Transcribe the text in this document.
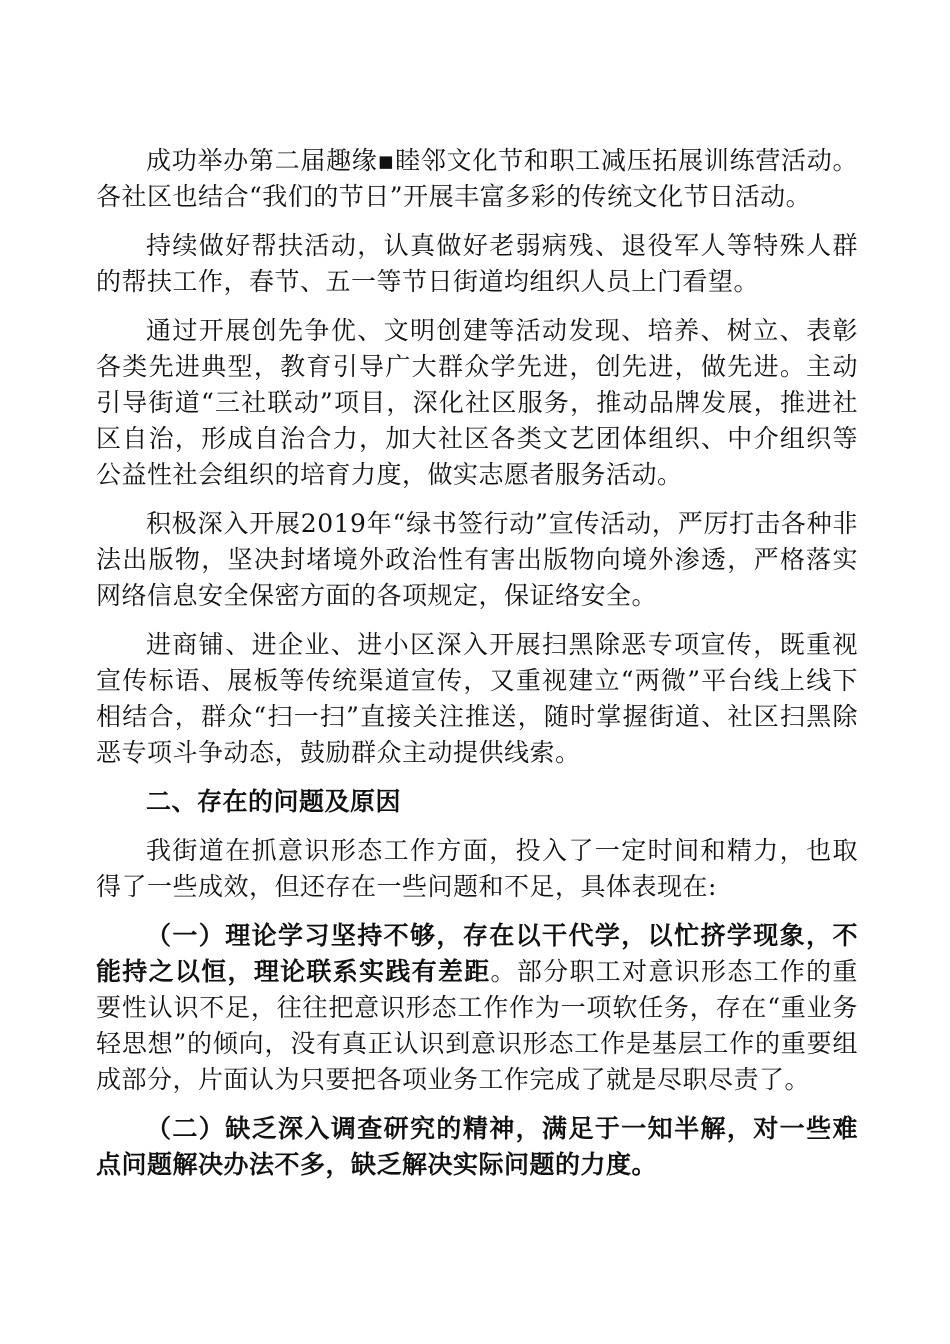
成功举办第二届趣缘▪睦邻文化节和职工减压拓展训练营活动。各社区也结合“我们的节日”开展丰富多彩的传统文化节日活动。

持续做好帮扶活动，认真做好老弱病残、退役军人等特殊人群的帮扶工作，春节、五一等节日街道均组织人员上门看望。

通过开展创先争优、文明创建等活动发现、培养、树立、表彰各类先进典型，教育引导广大群众学先进，创先进，做先进。主动引导街道“三社联动”项目，深化社区服务，推动品牌发展，推进社区自治，形成自治合力，加大社区各类文艺团体组织、中介组织等公益性社会组织的培育力度，做实志愿者服务活动。

积极深入开展2019年“绿书签行动”宣传活动，严厉打击各种非法出版物，坚决封堵境外政治性有害出版物向境外渗透，严格落实网络信息安全保密方面的各项规定，保证络安全。

进商铺、进企业、进小区深入开展扫黑除恶专项宣传，既重视宣传标语、展板等传统渠道宣传，又重视建立“两微”平台线上线下相结合，群众“扫一扫”直接关注推送，随时掌握街道、社区扫黑除恶专项斗争动态，鼓励群众主动提供线索。

二、存在的问题及原因

我街道在抓意识形态工作方面，投入了一定时间和精力，也取得了一些成效，但还存在一些问题和不足，具体表现在:

（一）理论学习坚持不够，存在以干代学，以忙挤学现象，不能持之以恒，理论联系实践有差距。部分职工对意识形态工作的重要性认识不足，往往把意识形态工作作为一项软任务，存在“重业务轻思想”的倾向，没有真正认识到意识形态工作是基层工作的重要组成部分，片面认为只要把各项业务工作完成了就是尽职尽责了。

（二）缺乏深入调查研究的精神，满足于一知半解，对一些难点问题解决办法不多，缺乏解决实际问题的力度。
